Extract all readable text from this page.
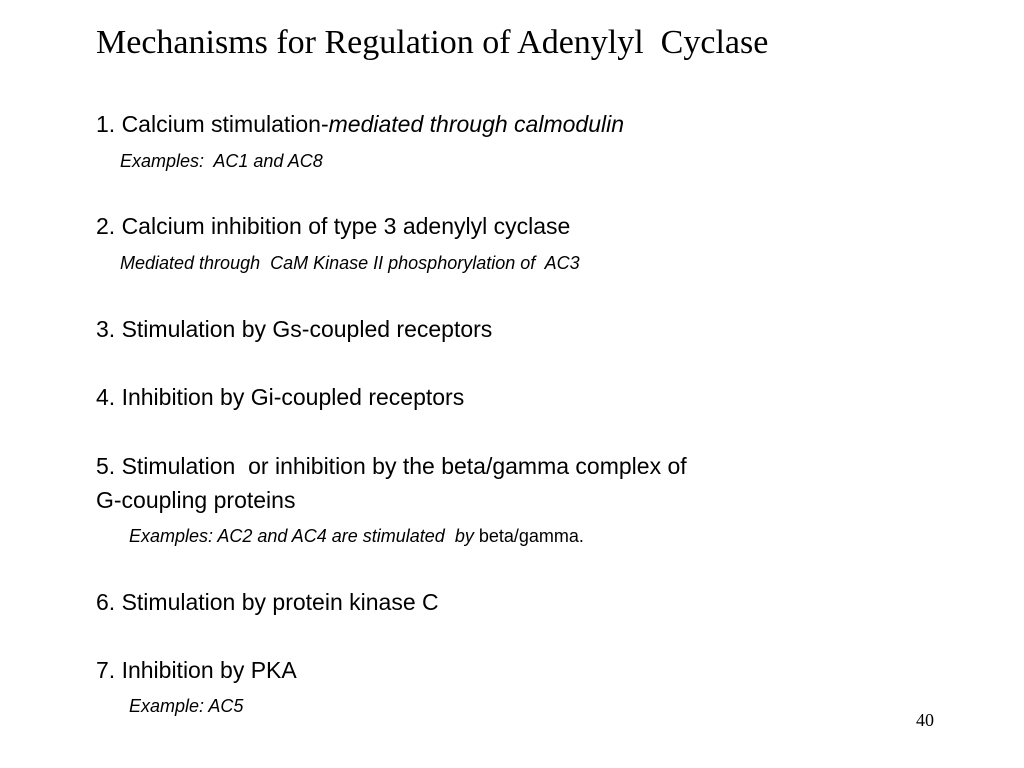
Mechanisms for Regulation of Adenylyl  Cyclase
1. Calcium stimulation-mediated through calmodulin
Examples:  AC1 and AC8
2. Calcium inhibition of type 3 adenylyl cyclase
Mediated through  CaM Kinase II phosphorylation of  AC3
3. Stimulation by Gs-coupled receptors
4. Inhibition by Gi-coupled receptors
5. Stimulation  or inhibition by the beta/gamma complex of
G-coupling proteins
Examples: AC2 and AC4 are stimulated  by beta/gamma.
6. Stimulation by protein kinase C
7. Inhibition by PKA
Example: AC5
40
